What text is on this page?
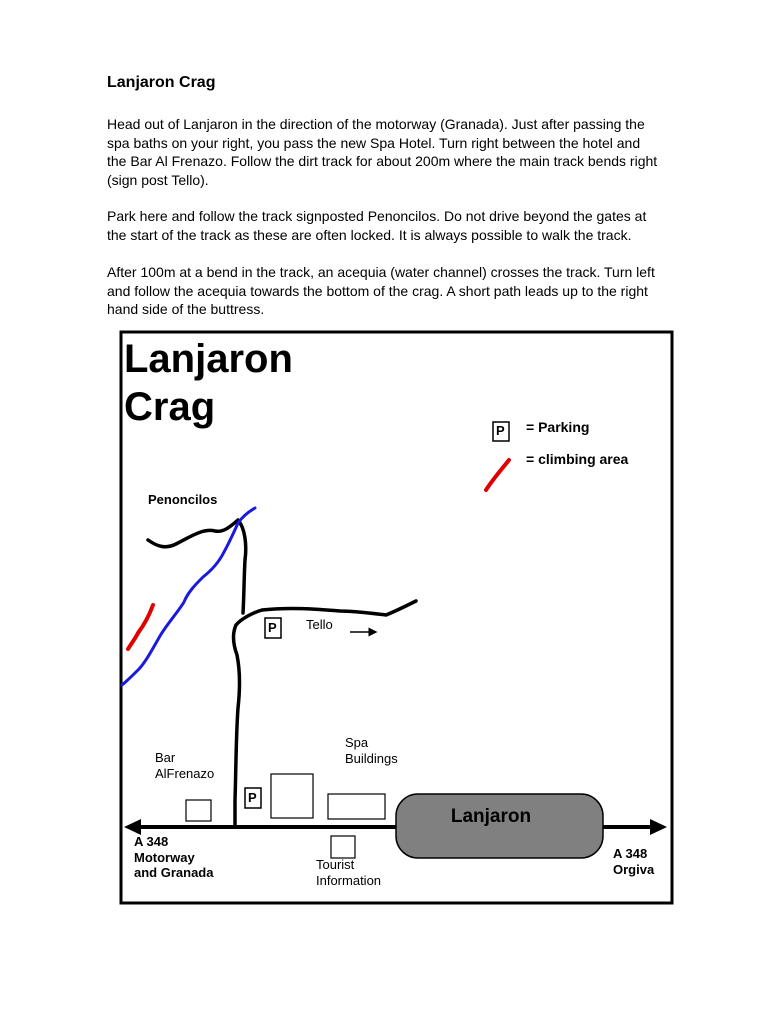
Lanjaron Crag

Head out of Lanjaron in the direction of the motorway (Granada). Just after passing the
spa baths on your right, you pass the new Spa Hotel. Turn right between the hotel and
the Bar Al Frenazo. Follow the dirt track for about 200m where the main track bends right
(sign post Tello).

Park here and follow the track signposted Penoncilos. Do not drive beyond the gates at
the start of the track as these are often locked. It is always possible to walk the track.

After 100m at a bend in the track, an acequia (water channel) crosses the track. Turn left
and follow the acequia towards the bottom of the crag. A short path leads up to the right
hand side of the buttress.

Lanjaron
Crag
P = Parking
= climbing area
P Tello
Penoncilos
P
Lanjaron
Bar
AlFrenazo
Spa
Buildings
Tourist
Information
A 348
Motorway
and Granada
A 348
Orgiva
